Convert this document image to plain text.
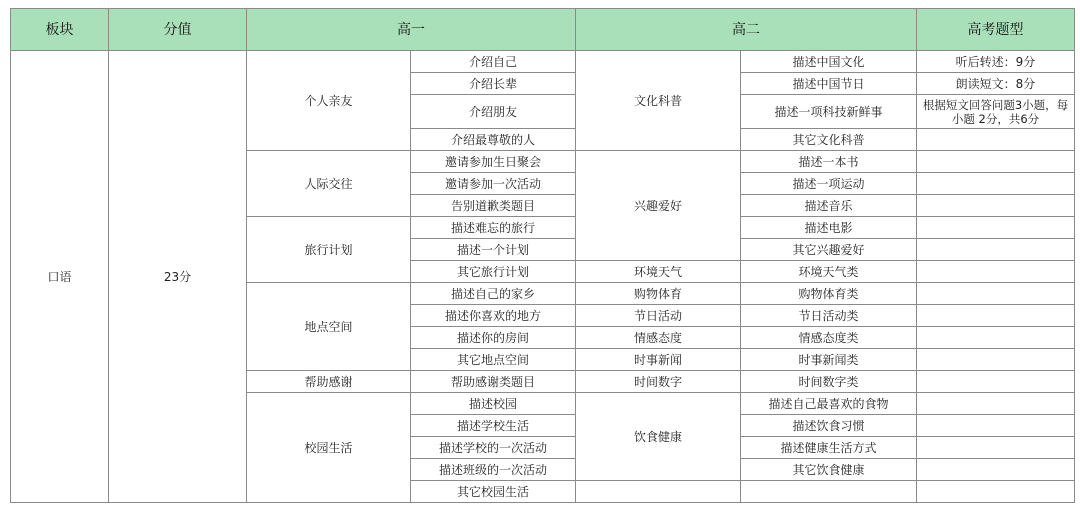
板块	分值	高一		高二		高考题型
口语	23分	个人亲友	介绍自己	文化科普	描述中国文化	听后转述：9分
			介绍长辈		描述中国节日	朗读短文：8分
			介绍朋友		描述一项科技新鲜事	根据短文回答问题3小题，每小题 2分，共6分
			介绍最尊敬的人		其它文化科普	
		人际交往	邀请参加生日聚会	兴趣爱好	描述一本书	
			邀请参加一次活动		描述一项运动	
			告别道歉类题目		描述音乐	
		旅行计划	描述难忘的旅行		描述电影	
			描述一个计划		其它兴趣爱好	
			其它旅行计划	环境天气	环境天气类	
		地点空间	描述自己的家乡	购物体育	购物体育类	
			描述你喜欢的地方	节日活动	节日活动类	
			描述你的房间	情感态度	情感态度类	
			其它地点空间	时事新闻	时事新闻类	
		帮助感谢	帮助感谢类题目	时间数字	时间数字类	
		校园生活	描述校园	饮食健康	描述自己最喜欢的食物	
			描述学校生活		描述饮食习惯	
			描述学校的一次活动		描述健康生活方式	
			描述班级的一次活动		其它饮食健康	
			其它校园生活			
